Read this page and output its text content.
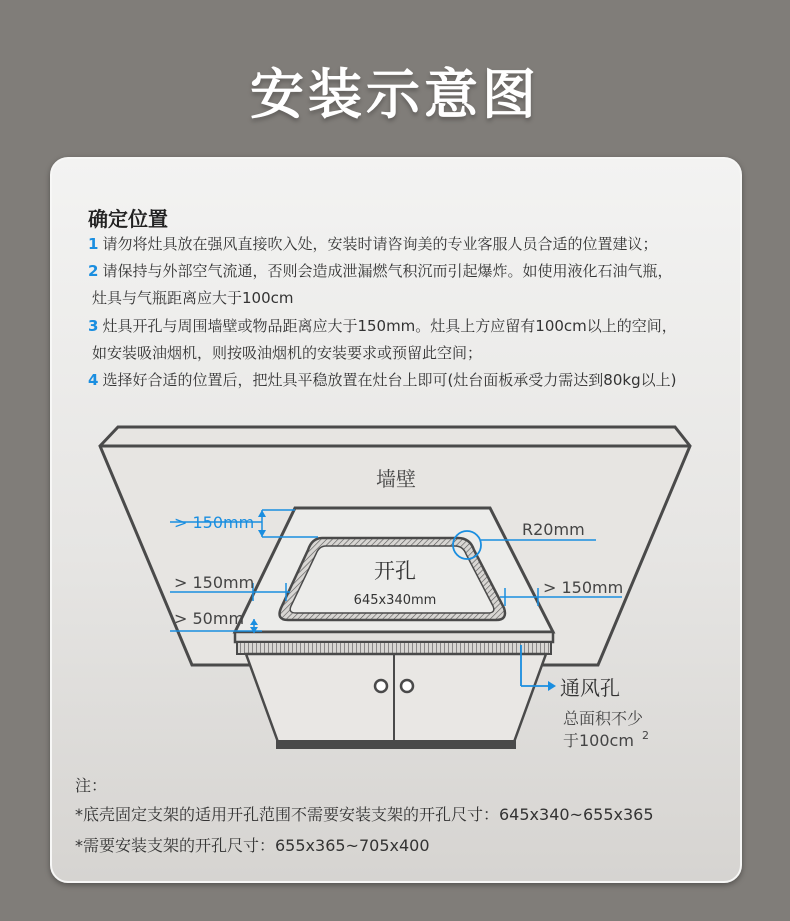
安装示意图
确定位置
1 请勿将灶具放在强风直接吹入处，安装时请咨询美的专业客服人员合适的位置建议；
2 请保持与外部空气流通，否则会造成泄漏燃气积沉而引起爆炸。如使用液化石油气瓶，
灶具与气瓶距离应大于100cm
3 灶具开孔与周围墙壁或物品距离应大于150mm。灶具上方应留有100cm以上的空间，
如安装吸油烟机，则按吸油烟机的安装要求或预留此空间；
4 选择好合适的位置后，把灶具平稳放置在灶台上即可(灶台面板承受力需达到80kg以上)
墙壁
开孔
645x340mm
> 150mm
> 150mm
> 50mm
> 150mm
R20mm
通风孔
总面积不少
于100cm 2
注：
*底壳固定支架的适用开孔范围不需要安装支架的开孔尺寸：645x340~655x365
*需要安装支架的开孔尺寸：655x365~705x400
